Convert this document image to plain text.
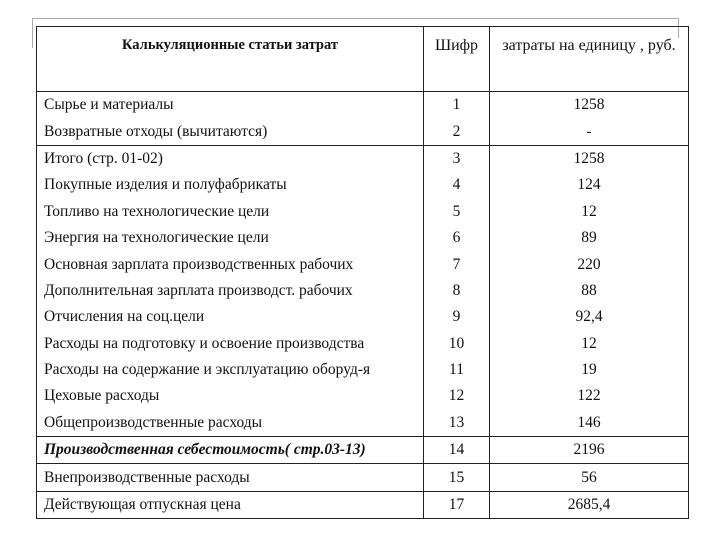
Калькуляционные статьи затрат	Шифр	затраты на единицу , руб.
Сырье и материалы	1	1258
Возвратные отходы (вычитаются)	2	-
Итого (стр. 01-02)	3	1258
Покупные изделия и полуфабрикаты	4	124
Топливо на технологические цели	5	12
Энергия на технологические цели	6	89
Основная зарплата производственных рабочих	7	220
Дополнительная зарплата производст. рабочих	8	88
Отчисления на соц.цели	9	92,4
Расходы на подготовку и освоение производства	10	12
Расходы на содержание и эксплуатацию оборуд-я	11	19
Цеховые расходы	12	122
Общепроизводственные расходы	13	146
Производственная себестоимость( стр.03-13)	14	2196
Внепроизводственные расходы	15	56
Действующая отпускная цена	17	2685,4
